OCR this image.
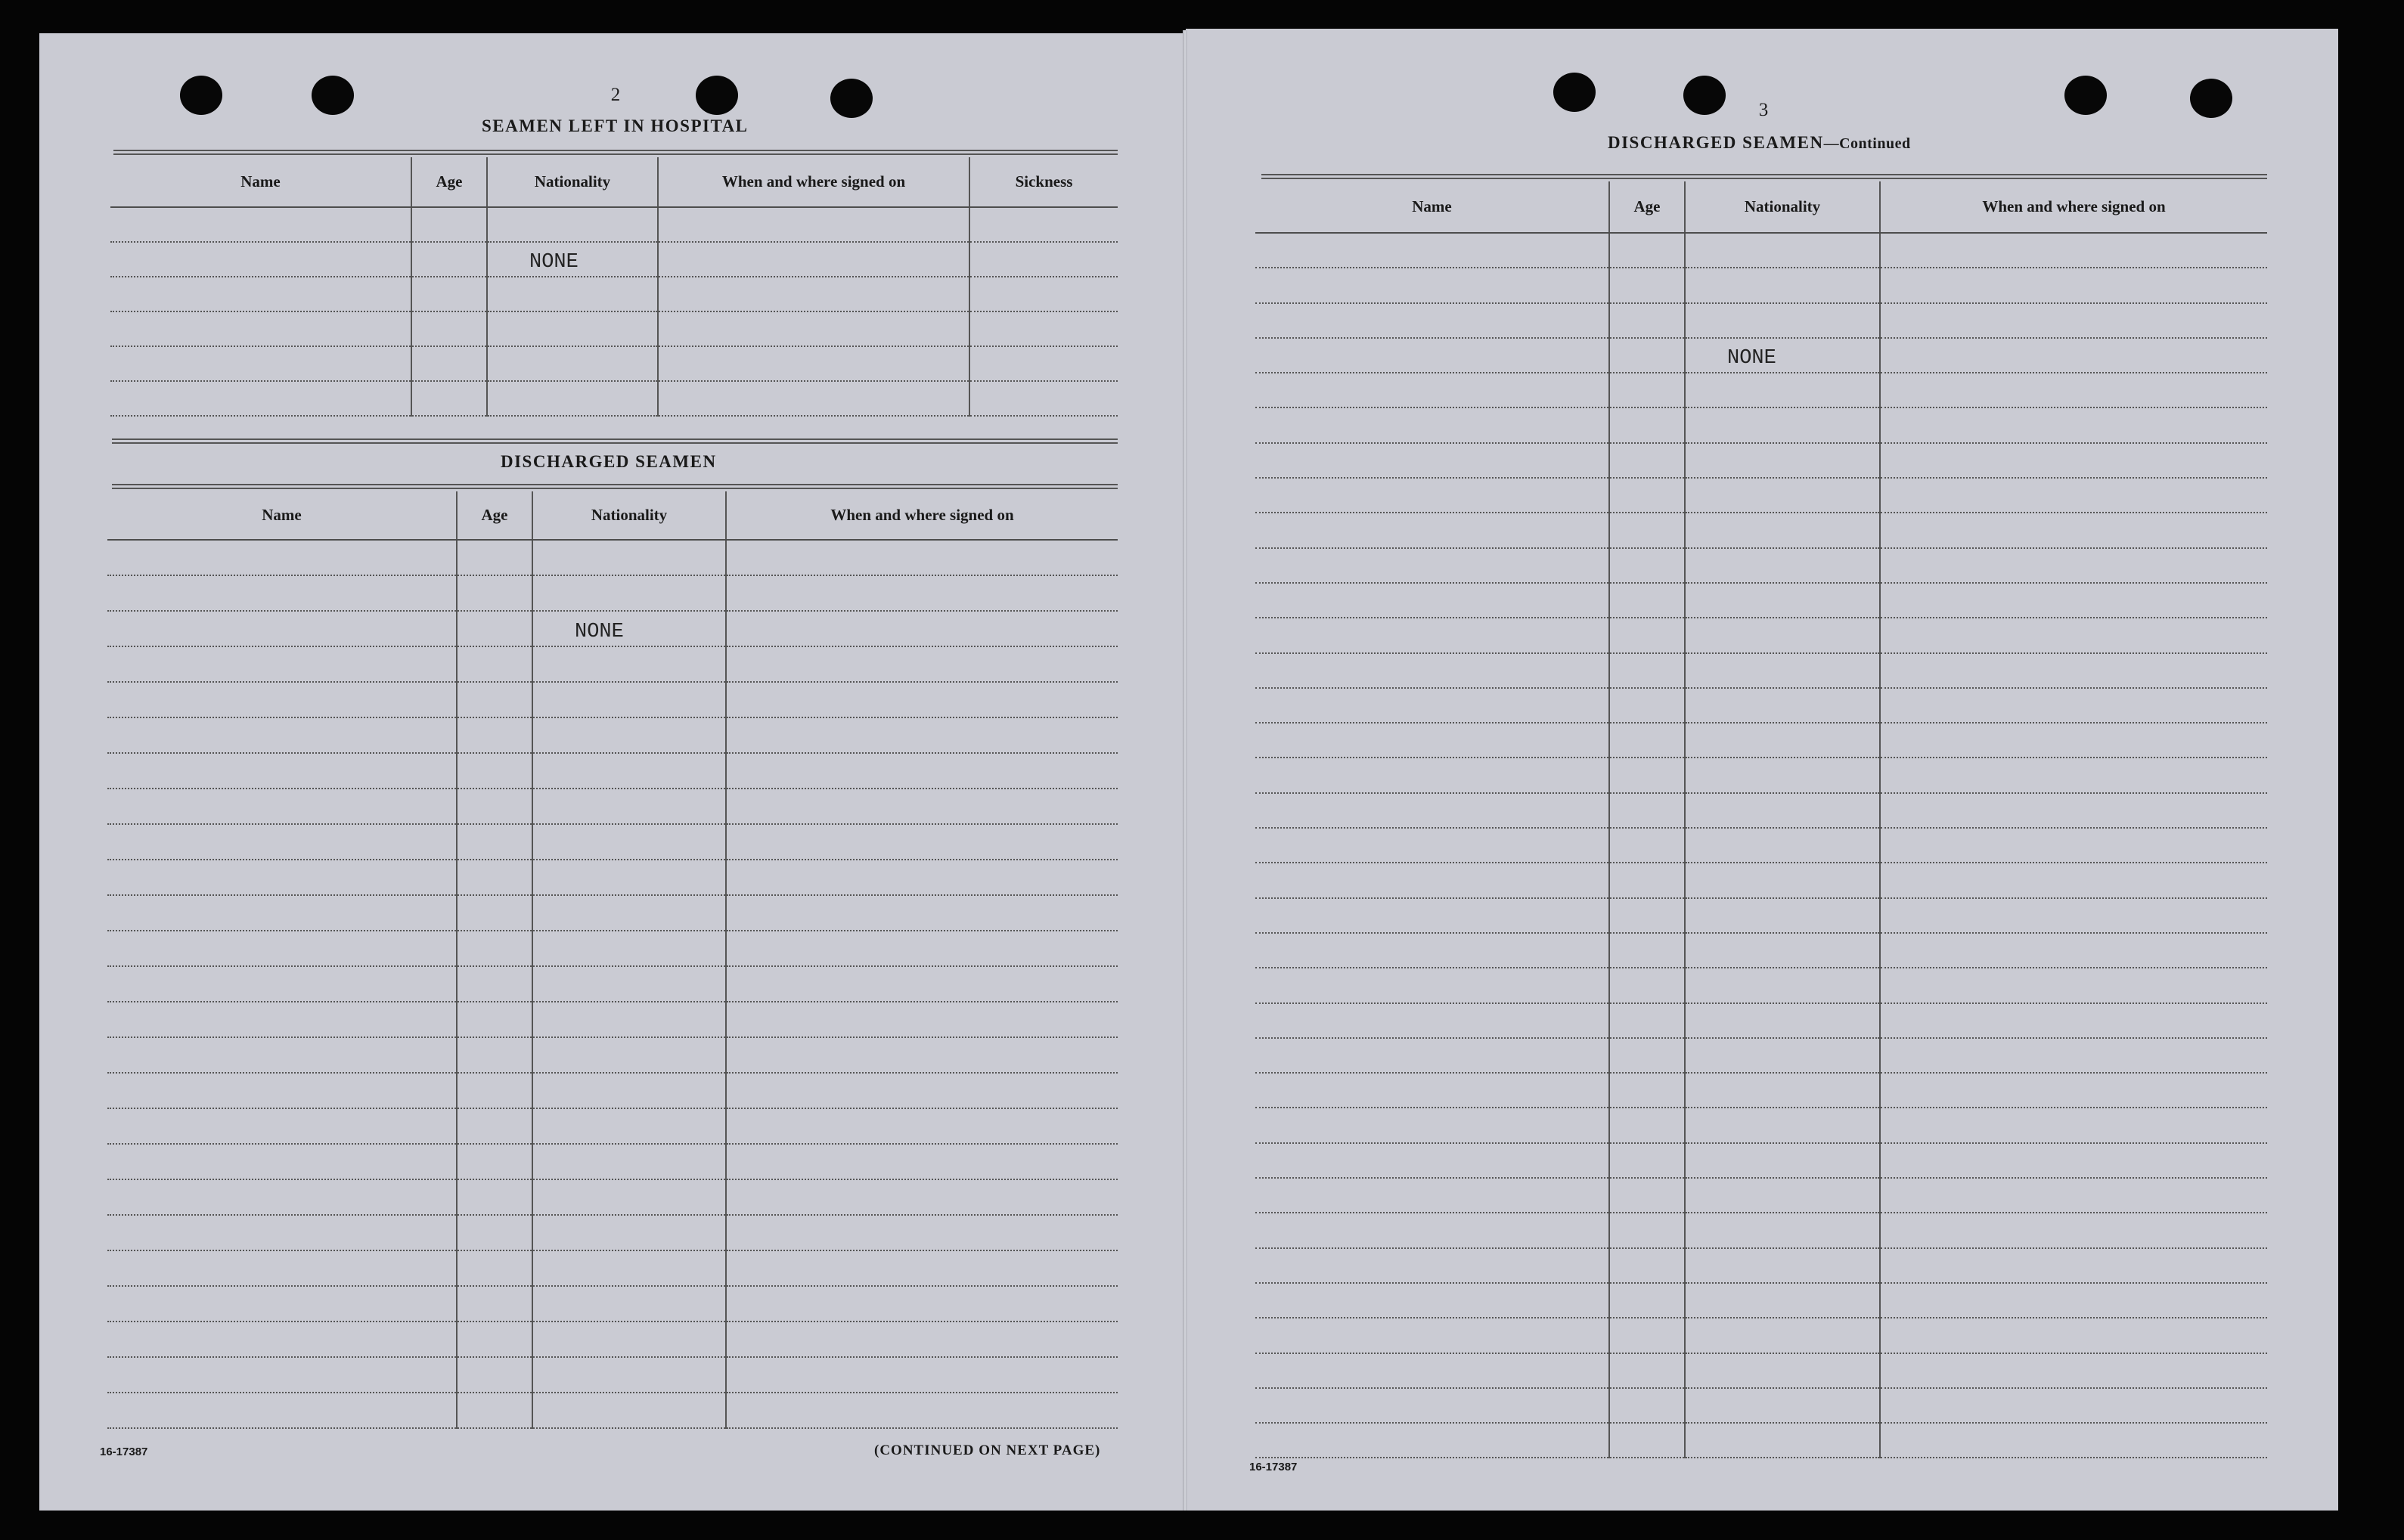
2
SEAMEN LEFT IN HOSPITAL
Name	Age	Nationality	When and where signed on	Sickness

		NONE		

DISCHARGED SEAMEN
Name	Age	Nationality	When and where signed on

		NONE	

16-17387	(CONTINUED ON NEXT PAGE)
3
DISCHARGED SEAMEN—Continued
Name	Age	Nationality	When and where signed on

		NONE	

16-17387
